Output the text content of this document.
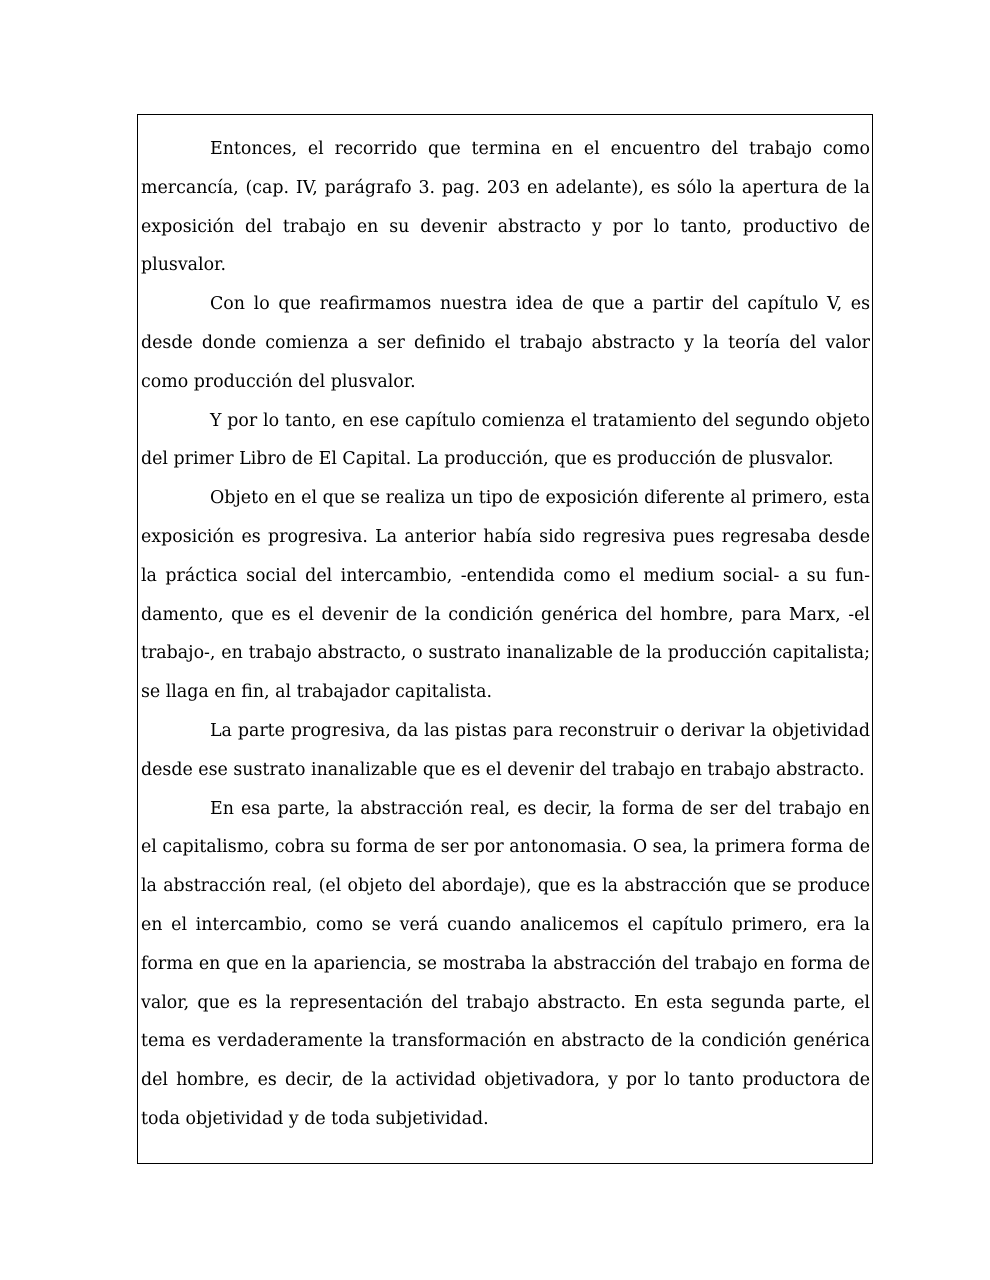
Entonces, el recorrido que termina en el encuentro del trabajo como mercancía, (cap. IV, parágrafo 3. pag. 203 en adelante), es sólo la apertura de la exposición del trabajo en su devenir abstracto y por lo tanto, productivo de plusvalor.

Con lo que reafirmamos nuestra idea de que a partir del capítulo V, es desde donde comienza a ser definido el trabajo abstracto y la teoría del valor como producción del plusvalor.

Y por lo tanto, en ese capítulo comienza el tratamiento del segundo objeto del primer Libro de El Capital. La producción, que es producción de plusvalor.

Objeto en el que se realiza un tipo de exposición diferente al primero, esta exposición es progresiva. La anterior había sido regresiva pues regresaba desde la práctica social del intercambio, -entendida como el medium social- a su fun-damento, que es el devenir de la condición genérica del hombre, para Marx, -el trabajo-, en trabajo abstracto, o sustrato inanalizable de la producción capitalista; se llaga en fin, al trabajador capitalista.

La parte progresiva, da las pistas para reconstruir o derivar la objetividad desde ese sustrato inanalizable que es el devenir del trabajo en trabajo abstracto.

En esa parte, la abstracción real, es decir, la forma de ser del trabajo en el capitalismo, cobra su forma de ser por antonomasia. O sea, la primera forma de la abstracción real, (el objeto del abordaje), que es la abstracción que se produce en el intercambio, como se verá cuando analicemos el capítulo primero, era la forma en que en la apariencia, se mostraba la abstracción del trabajo en forma de valor, que es la representación del trabajo abstracto. En esta segunda parte, el tema es verdaderamente la transformación en abstracto de la condición genérica del hombre, es decir, de la actividad objetivadora, y por lo tanto productora de toda objetividad y de toda subjetividad.
